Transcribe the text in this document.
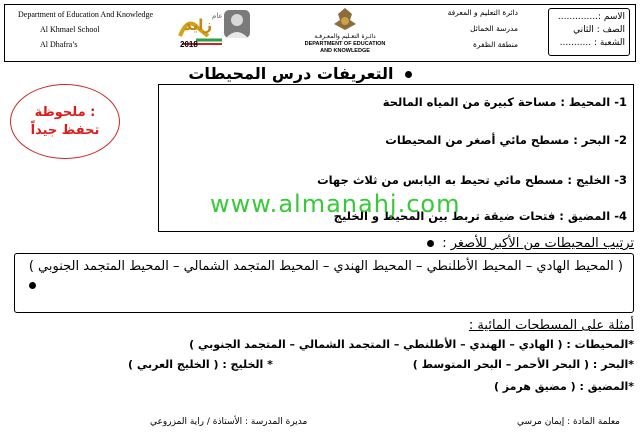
Department of Education And Knowledge
Al Khmael School
Al Dhafra’s
زايد عام
2018
دائـرة التعـليم والمعـرفـة
DEPARTMENT OF EDUCATION
AND KNOWLEDGE
دائرة التعليم و المعرفة
مدرسة الخمائل
منطقة الظفرة
الاسم :..............
الصف : الثاني
الشعبة : ...........
التعريفات درس المحيطات
ملحوظة :
تحفظ جيداً
1- المحيط : مساحة كبيرة من المياه المالحة
2- البحر : مسطح مائي أصغر من المحيطات
3- الخليج : مسطح مائي تحيط به اليابس من ثلاث جهات
4- المضيق : فتحات ضيقة تربط بين المحيط و الخليج
www.almanahj.com
ترتيب المحيطات من الأكبر للأصغر :
( المحيط الهادي – المحيط الأطلنطي – المحيط الهندي – المحيط المتجمد الشمالي – المحيط المتجمد الجنوبي )
أمثلة على المسطحات المائية :
*المحيطات : ( الهادي – الهندي – الأطلنطي – المتجمد الشمالي – المتجمد الجنوبي )
*البحر : ( البحر الأحمر – البحر المتوسط )
* الخليج : ( الخليج العربي )
*المضيق : ( مضيق هرمز )
معلمة المادة : إيمان مرسي
مديرة المدرسة : الأستاذة / راية المزروعي
